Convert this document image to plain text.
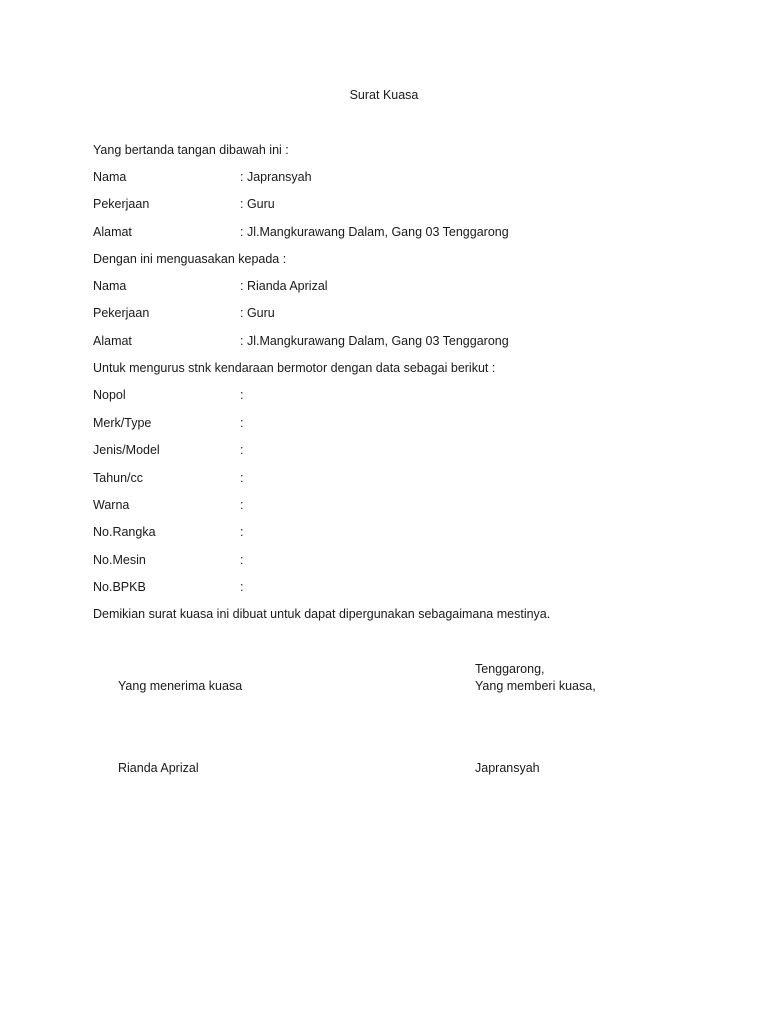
Surat Kuasa
Yang bertanda tangan dibawah ini :
Nama	: Japransyah
Pekerjaan	: Guru
Alamat	: Jl.Mangkurawang Dalam, Gang 03 Tenggarong
Dengan ini menguasakan kepada :
Nama	: Rianda Aprizal
Pekerjaan	: Guru
Alamat	: Jl.Mangkurawang Dalam, Gang 03 Tenggarong
Untuk mengurus stnk kendaraan bermotor dengan data sebagai berikut :
Nopol	:
Merk/Type	:
Jenis/Model	:
Tahun/cc	:
Warna	:
No.Rangka	:
No.Mesin	:
No.BPKB	:
Demikian surat kuasa ini dibuat untuk dapat dipergunakan sebagaimana mestinya.
Tenggarong,
Yang menerima kuasa	Yang memberi kuasa,
Rianda Aprizal	Japransyah
